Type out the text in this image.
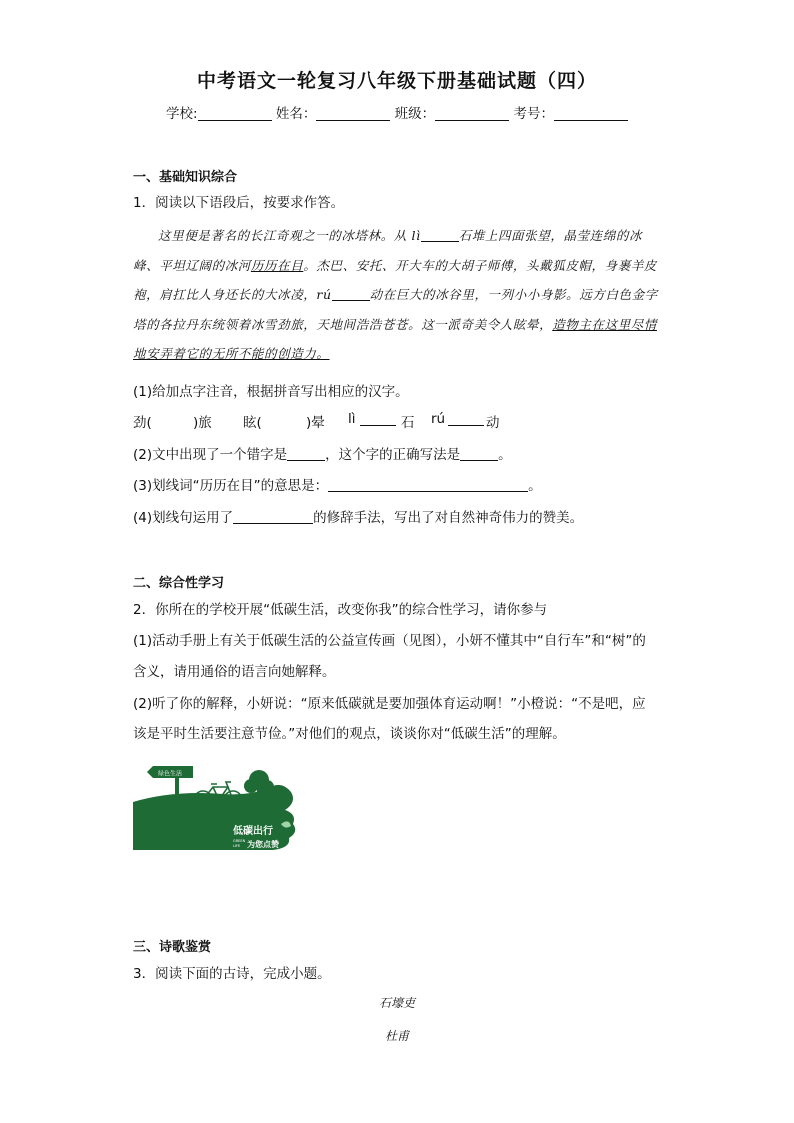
中考语文一轮复习八年级下册基础试题（四）
学校:	姓名：	班级：	考号：
一、基础知识综合
1．阅读以下语段后，按要求作答。
这里便是著名的长江奇观之一的冰塔林。从 lì	石堆上四面张望，晶莹连绵的冰峰、平坦辽阔的冰河历历在目。杰巴、安托、开大车的大胡子师傅，头戴狐皮帽，身裹羊皮袍，肩扛比人身还长的大冰凌，rú	动在巨大的冰谷里，一列小小身影。远方白色金字塔的各拉丹东统领着冰雪劲旅，天地间浩浩苍苍。这一派奇美令人眩晕，造物主在这里尽情地安弄着它的无所不能的创造力。
(1)给加点字注音，根据拼音写出相应的汉字。
劲(	)旅 眩(	)晕 lì	石 rú	动
(2)文中出现了一个错字是	，这个字的正确写法是	。
(3)划线词“历历在目”的意思是：	。
(4)划线句运用了	的修辞手法，写出了对自然神奇伟力的赞美。
二、综合性学习
2．你所在的学校开展“低碳生活，改变你我”的综合性学习，请你参与
(1)活动手册上有关于低碳生活的公益宣传画（见图），小妍不懂其中“自行车”和“树”的
含义，请用通俗的语言向她解释。
(2)听了你的解释，小妍说：“原来低碳就是要加强体育运动啊！”小橙说：“不是吧，应
该是平时生活要注意节俭。”对他们的观点，谈谈你对“低碳生活”的理解。
绿色生活
低碳出行
GREEN
LIFE 为您点赞
三、诗歌鉴赏
3．阅读下面的古诗，完成小题。
石壕吏
杜甫
